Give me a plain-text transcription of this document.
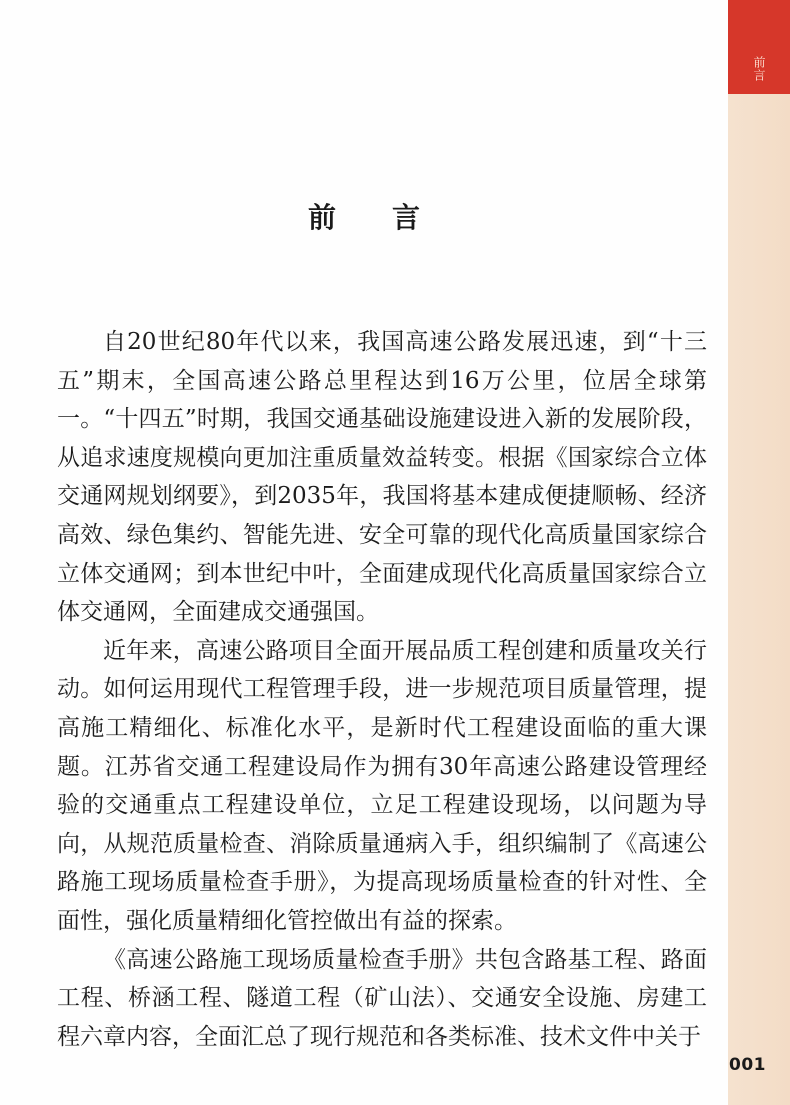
前言
前言

自20世纪80年代以来，我国高速公路发展迅速，到“十三五”期末，全国高速公路总里程达到16万公里，位居全球第一。“十四五”时期，我国交通基础设施建设进入新的发展阶段，从追求速度规模向更加注重质量效益转变。根据《国家综合立体交通网规划纲要》，到2035年，我国将基本建成便捷顺畅、经济高效、绿色集约、智能先进、安全可靠的现代化高质量国家综合立体交通网；到本世纪中叶，全面建成现代化高质量国家综合立体交通网，全面建成交通强国。

近年来，高速公路项目全面开展品质工程创建和质量攻关行动。如何运用现代工程管理手段，进一步规范项目质量管理，提高施工精细化、标准化水平，是新时代工程建设面临的重大课题。江苏省交通工程建设局作为拥有30年高速公路建设管理经验的交通重点工程建设单位，立足工程建设现场，以问题为导向，从规范质量检查、消除质量通病入手，组织编制了《高速公路施工现场质量检查手册》，为提高现场质量检查的针对性、全面性，强化质量精细化管控做出有益的探索。

《高速公路施工现场质量检查手册》共包含路基工程、路面工程、桥涵工程、隧道工程（矿山法）、交通安全设施、房建工程六章内容，全面汇总了现行规范和各类标准、技术文件中关于

001
